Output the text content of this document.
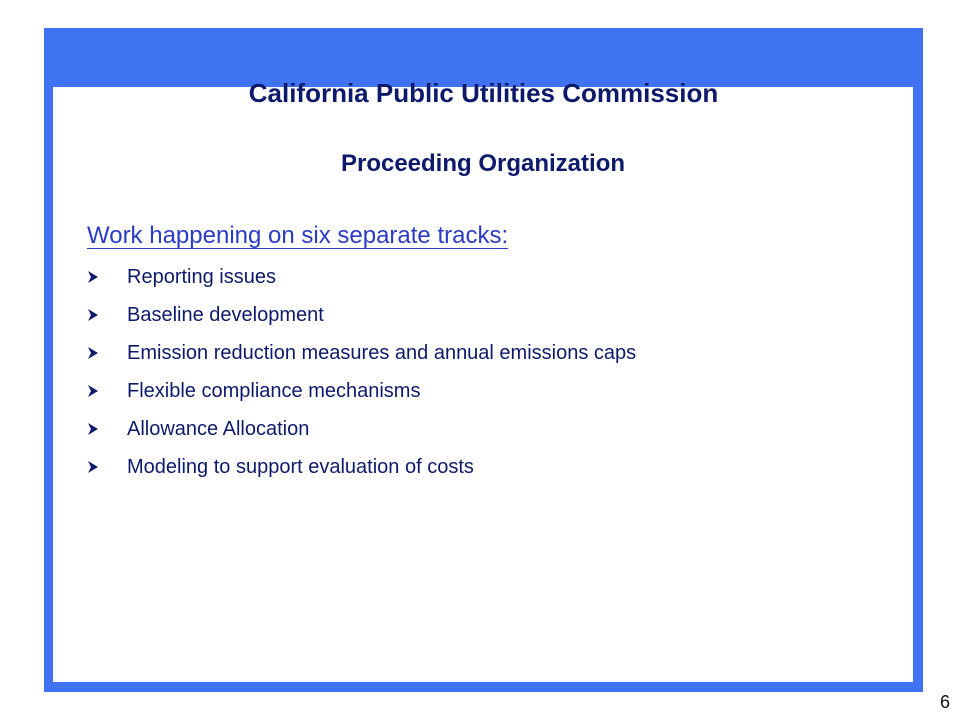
Proceeding Organization
Work happening on six separate tracks:
Reporting issues
Baseline development
Emission reduction measures and annual emissions caps
Flexible compliance mechanisms
Allowance Allocation
Modeling to support evaluation of costs
California Public Utilities Commission
6
